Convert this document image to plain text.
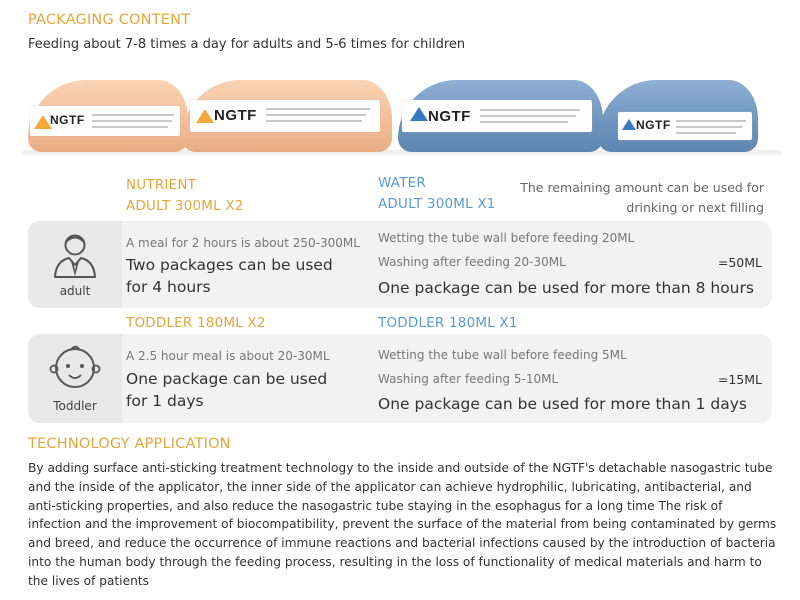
PACKAGING CONTENT
Feeding about 7-8 times a day for adults and 5-6 times for children
NGTF	NGTF	NGTF	NGTF
NUTRIENT
ADULT 300ML X2
WATER
ADULT 300ML X1
The remaining amount can be used for
drinking or next filling
adult
A meal for 2 hours is about 250-300ML
Two packages can be used
for 4 hours
Wetting the tube wall before feeding 20ML
Washing after feeding 20-30ML	=50ML
One package can be used for more than 8 hours
TODDLER 180ML X2	TODDLER 180ML X1
Toddler
A 2.5 hour meal is about 20-30ML
One package can be used
for 1 days
Wetting the tube wall before feeding 5ML
Washing after feeding 5-10ML	=15ML
One package can be used for more than 1 days
TECHNOLOGY APPLICATION
By adding surface anti-sticking treatment technology to the inside and outside of the NGTF's detachable nasogastric tube and the inside of the applicator, the inner side of the applicator can achieve hydrophilic, lubricating, antibacterial, and anti-sticking properties, and also reduce the nasogastric tube staying in the esophagus for a long time The risk of infection and the improvement of biocompatibility, prevent the surface of the material from being contaminated by germs and breed, and reduce the occurrence of immune reactions and bacterial infections caused by the introduction of bacteria into the human body through the feeding process, resulting in the loss of functionality of medical materials and harm to the lives of patients
